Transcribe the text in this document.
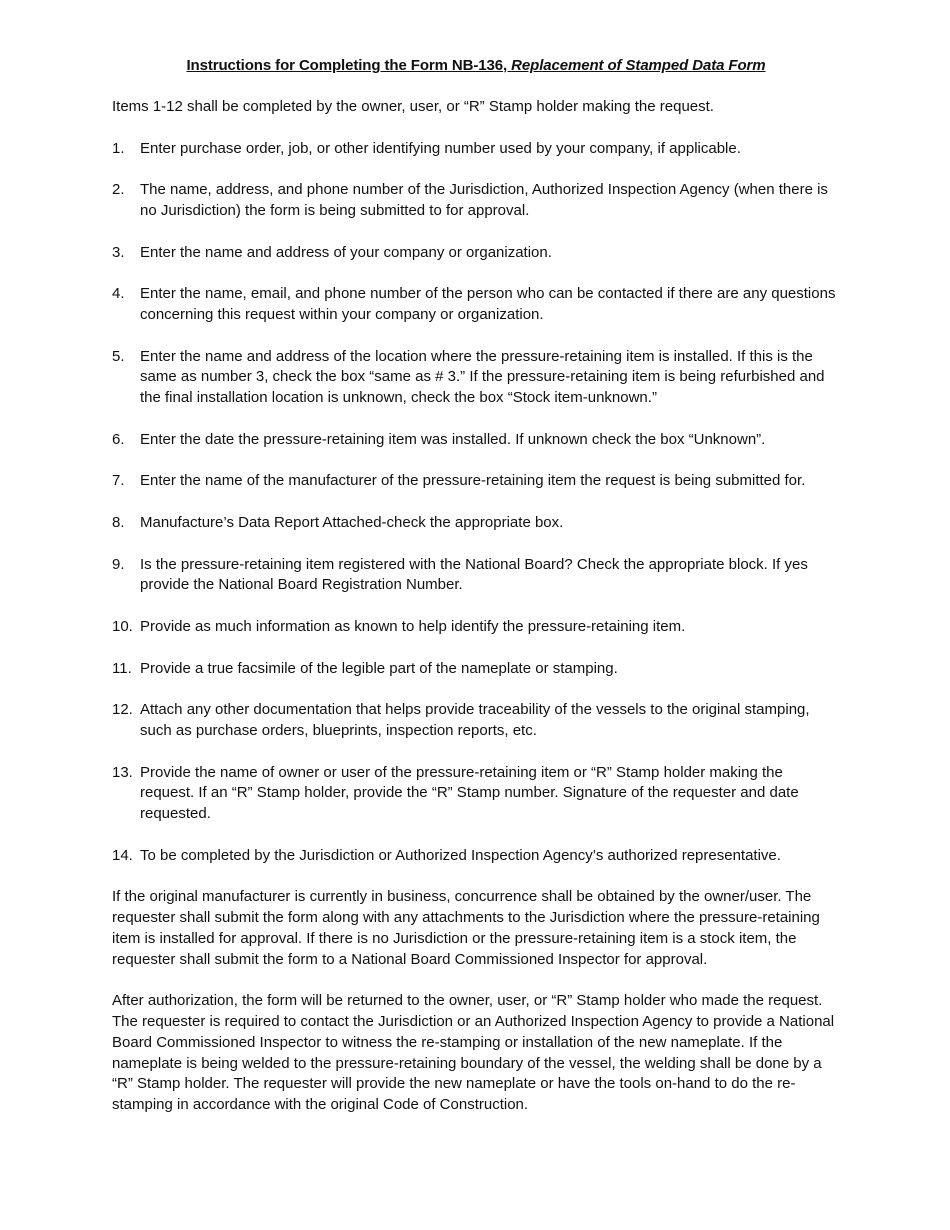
Instructions for Completing the Form NB-136, Replacement of Stamped Data Form

Items 1-12 shall be completed by the owner, user, or “R” Stamp holder making the request.

1.	Enter purchase order, job, or other identifying number used by your company, if applicable.
2.	The name, address, and phone number of the Jurisdiction, Authorized Inspection Agency (when there is no Jurisdiction) the form is being submitted to for approval.
3.	Enter the name and address of your company or organization.
4.	Enter the name, email, and phone number of the person who can be contacted if there are any questions concerning this request within your company or organization.
5.	Enter the name and address of the location where the pressure-retaining item is installed. If this is the same as number 3, check the box “same as # 3.” If the pressure-retaining item is being refurbished and the final installation location is unknown, check the box “Stock item-unknown.”
6.	Enter the date the pressure-retaining item was installed. If unknown check the box “Unknown”.
7.	Enter the name of the manufacturer of the pressure-retaining item the request is being submitted for.
8.	Manufacture’s Data Report Attached-check the appropriate box.
9.	Is the pressure-retaining item registered with the National Board? Check the appropriate block. If yes provide the National Board Registration Number.
10. Provide as much information as known to help identify the pressure-retaining item.
11. Provide a true facsimile of the legible part of the nameplate or stamping.
12. Attach any other documentation that helps provide traceability of the vessels to the original stamping, such as purchase orders, blueprints, inspection reports, etc.
13. Provide the name of owner or user of the pressure-retaining item or “R” Stamp holder making the request. If an “R” Stamp holder, provide the “R” Stamp number. Signature of the requester and date requested.
14. To be completed by the Jurisdiction or Authorized Inspection Agency’s authorized representative.

If the original manufacturer is currently in business, concurrence shall be obtained by the owner/user. The requester shall submit the form along with any attachments to the Jurisdiction where the pressure-retaining item is installed for approval. If there is no Jurisdiction or the pressure-retaining item is a stock item, the requester shall submit the form to a National Board Commissioned Inspector for approval.

After authorization, the form will be returned to the owner, user, or “R” Stamp holder who made the request. The requester is required to contact the Jurisdiction or an Authorized Inspection Agency to provide a National Board Commissioned Inspector to witness the re-stamping or installation of the new nameplate. If the nameplate is being welded to the pressure-retaining boundary of the vessel, the welding shall be done by a “R” Stamp holder. The requester will provide the new nameplate or have the tools on-hand to do the re-stamping in accordance with the original Code of Construction.
